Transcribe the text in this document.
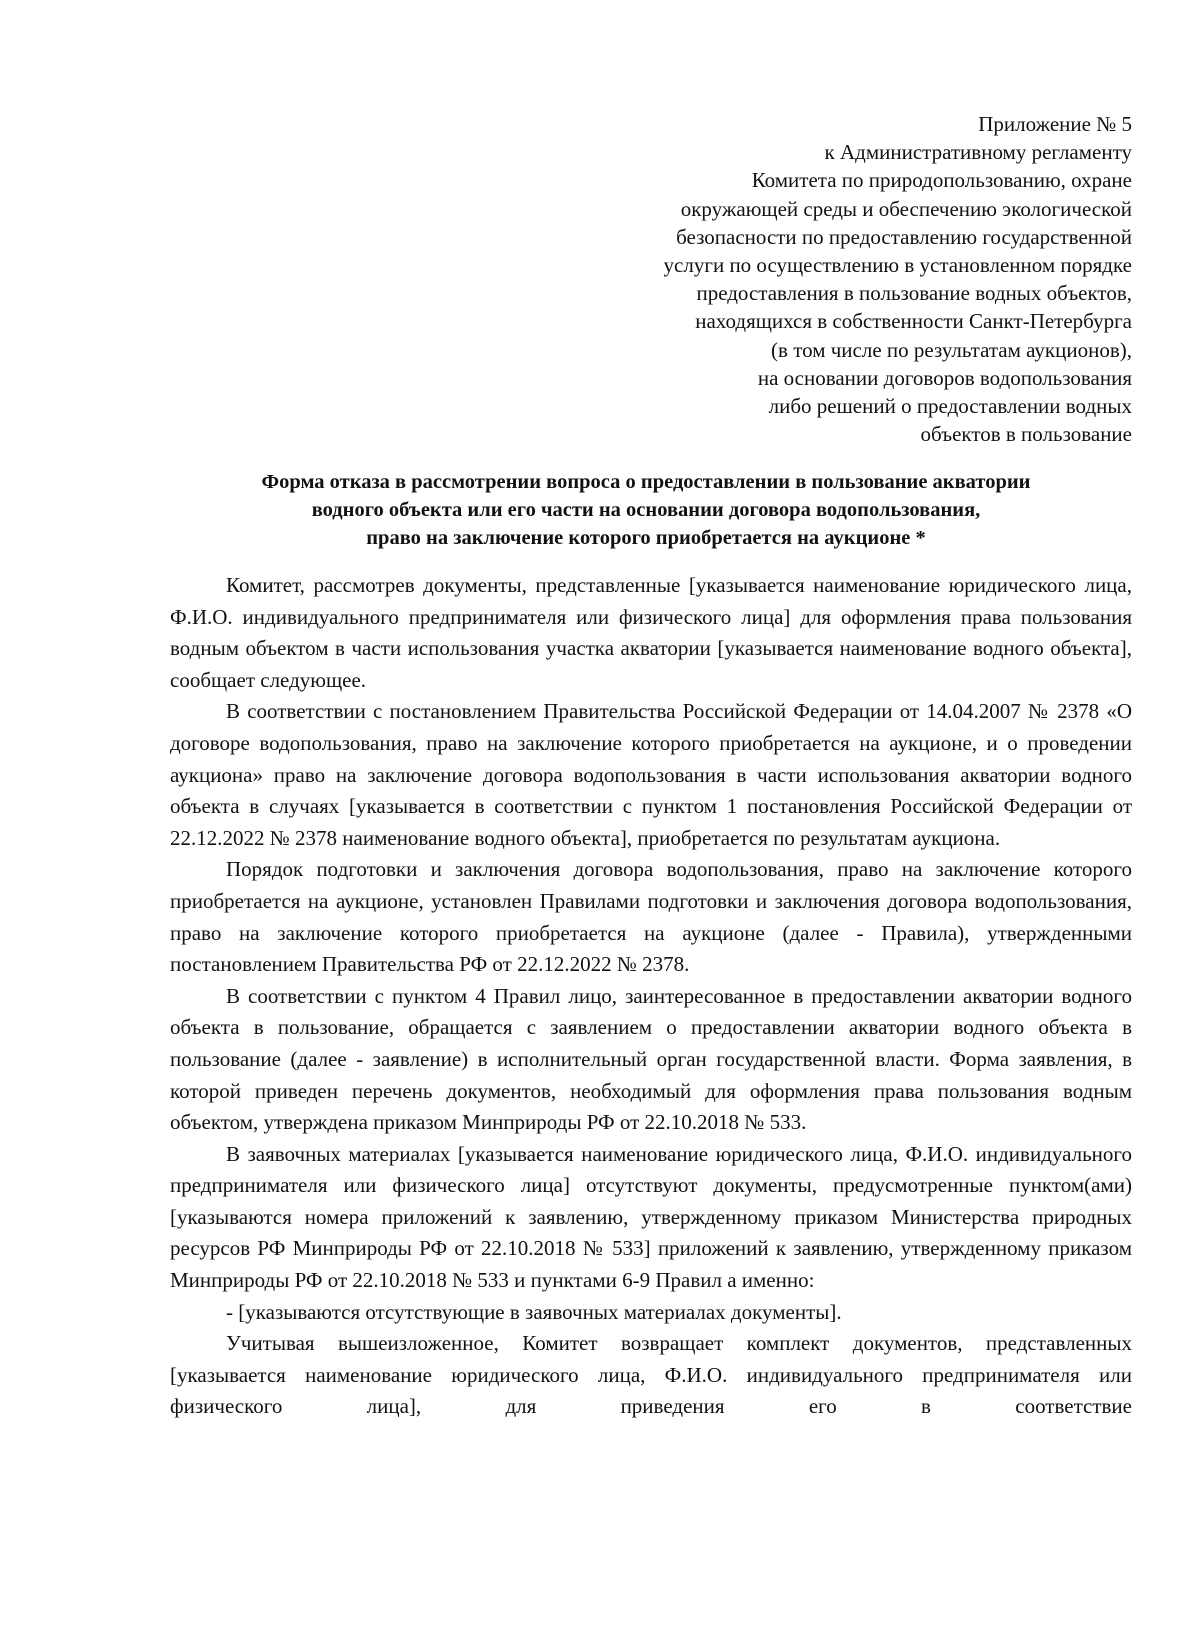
Приложение № 5
к Административному регламенту
Комитета по природопользованию, охране
окружающей среды и обеспечению экологической
безопасности по предоставлению государственной
услуги по осуществлению в установленном порядке
предоставления в пользование водных объектов,
находящихся в собственности Санкт-Петербурга
(в том числе по результатам аукционов),
на основании договоров водопользования
либо решений о предоставлении водных
объектов в пользование
Форма отказа в рассмотрении вопроса о предоставлении в пользование акватории
водного объекта или его части на основании договора водопользования,
право на заключение которого приобретается на аукционе *

Комитет, рассмотрев документы, представленные [указывается наименование юридического лица, Ф.И.О. индивидуального предпринимателя или физического лица] для оформления права пользования водным объектом в части использования участка акватории [указывается наименование водного объекта], сообщает следующее.

В соответствии с постановлением Правительства Российской Федерации от 14.04.2007 № 2378 «О договоре водопользования, право на заключение которого приобретается на аукционе, и о проведении аукциона» право на заключение договора водопользования в части использования акватории водного объекта в случаях [указывается в соответствии с пунктом 1 постановления Российской Федерации от 22.12.2022 № 2378 наименование водного объекта], приобретается по результатам аукциона.

Порядок подготовки и заключения договора водопользования, право на заключение которого приобретается на аукционе, установлен Правилами подготовки и заключения договора водопользования, право на заключение которого приобретается на аукционе (далее - Правила), утвержденными постановлением Правительства РФ от 22.12.2022 № 2378.

В соответствии с пунктом 4 Правил лицо, заинтересованное в предоставлении акватории водного объекта в пользование, обращается с заявлением о предоставлении акватории водного объекта в пользование (далее - заявление) в исполнительный орган государственной власти. Форма заявления, в которой приведен перечень документов, необходимый для оформления права пользования водным объектом, утверждена приказом Минприроды РФ от 22.10.2018 № 533.

В заявочных материалах [указывается наименование юридического лица, Ф.И.О. индивидуального предпринимателя или физического лица] отсутствуют документы, предусмотренные пунктом(ами) [указываются номера приложений к заявлению, утвержденному приказом Министерства природных ресурсов РФ Минприроды РФ от 22.10.2018 № 533] приложений к заявлению, утвержденному приказом Минприроды РФ от 22.10.2018 № 533 и пунктами 6-9 Правил а именно:

- [указываются отсутствующие в заявочных материалах документы].

Учитывая вышеизложенное, Комитет возвращает комплект документов, представленных [указывается наименование юридического лица, Ф.И.О. индивидуального предпринимателя или физического лица], для приведения его в соответствие
